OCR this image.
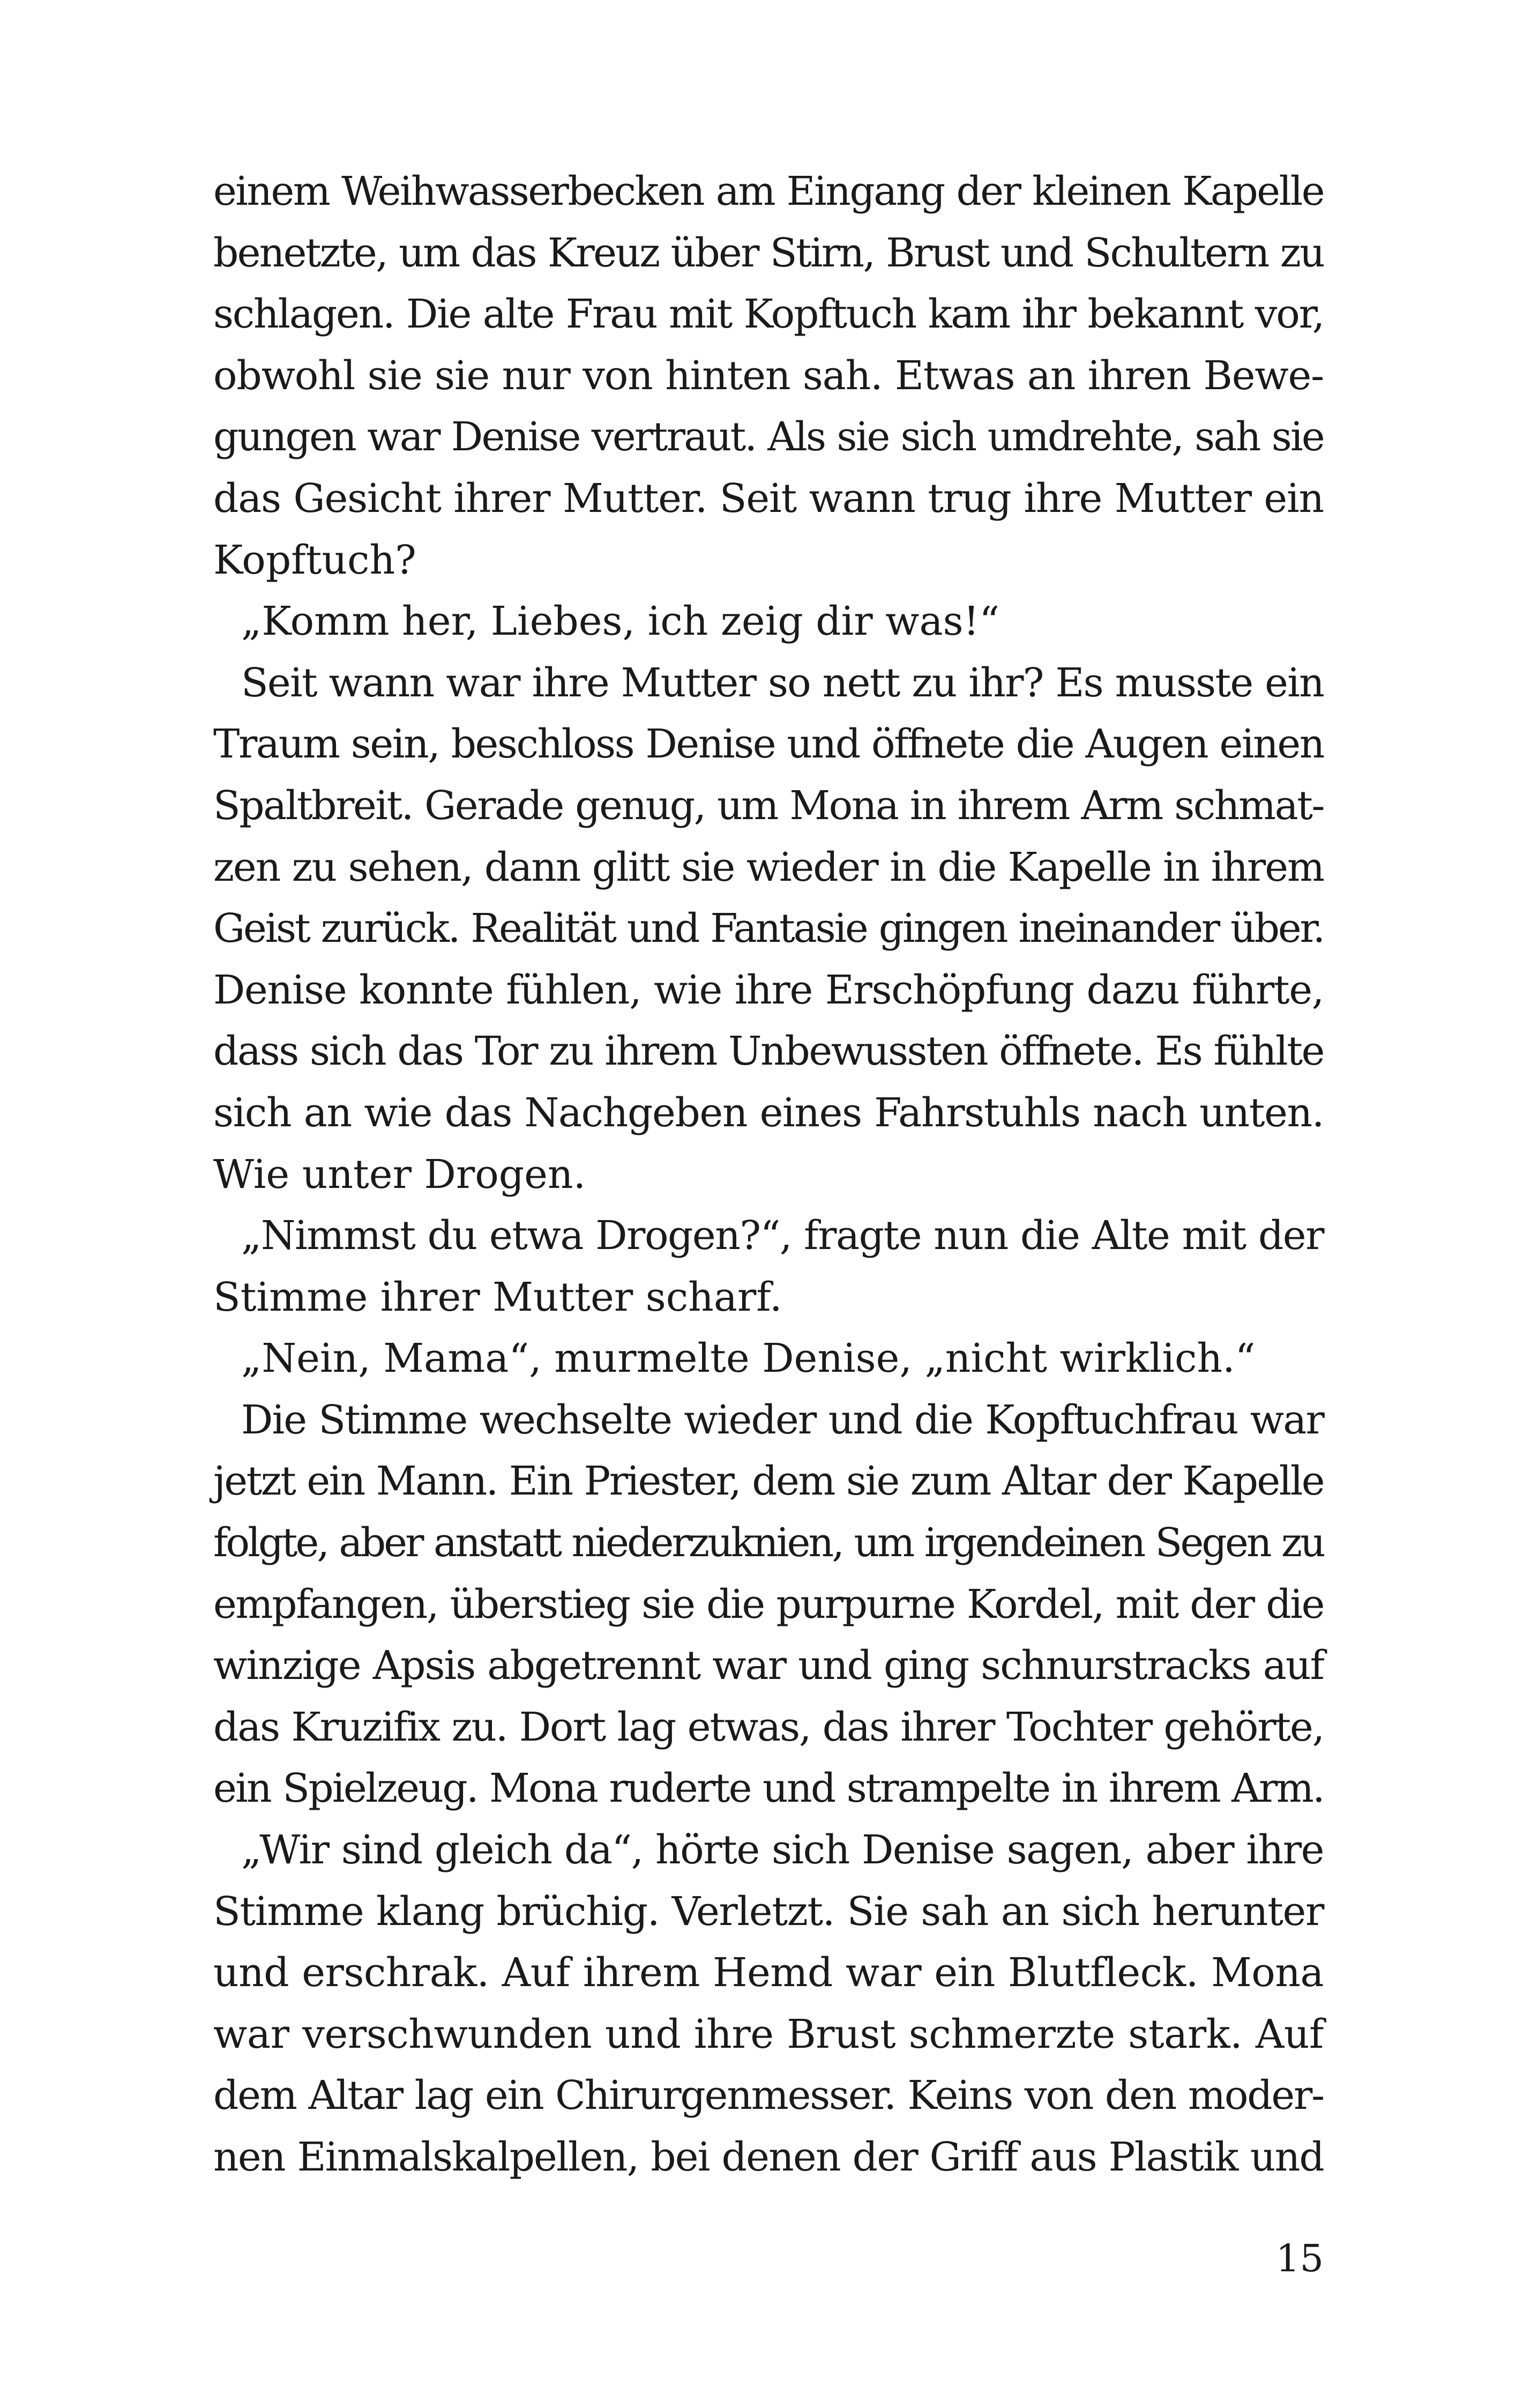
einem Weihwasserbecken am Eingang der kleinen Kapelle
benetzte, um das Kreuz über Stirn, Brust und Schultern zu
schlagen. Die alte Frau mit Kopftuch kam ihr bekannt vor,
obwohl sie sie nur von hinten sah. Etwas an ihren Bewe-
gungen war Denise vertraut. Als sie sich umdrehte, sah sie
das Gesicht ihrer Mutter. Seit wann trug ihre Mutter ein
Kopftuch?
„Komm her, Liebes, ich zeig dir was!“
Seit wann war ihre Mutter so nett zu ihr? Es musste ein
Traum sein, beschloss Denise und öffnete die Augen einen
Spaltbreit. Gerade genug, um Mona in ihrem Arm schmat-
zen zu sehen, dann glitt sie wieder in die Kapelle in ihrem
Geist zurück. Realität und Fantasie gingen ineinander über.
Denise konnte fühlen, wie ihre Erschöpfung dazu führte,
dass sich das Tor zu ihrem Unbewussten öffnete. Es fühlte
sich an wie das Nachgeben eines Fahrstuhls nach unten.
Wie unter Drogen.
„Nimmst du etwa Drogen?“, fragte nun die Alte mit der
Stimme ihrer Mutter scharf.
„Nein, Mama“, murmelte Denise, „nicht wirklich.“
Die Stimme wechselte wieder und die Kopftuchfrau war
jetzt ein Mann. Ein Priester, dem sie zum Altar der Kapelle
folgte, aber anstatt niederzuknien, um irgendeinen Segen zu
empfangen, überstieg sie die purpurne Kordel, mit der die
winzige Apsis abgetrennt war und ging schnurstracks auf
das Kruzifix zu. Dort lag etwas, das ihrer Tochter gehörte,
ein Spielzeug. Mona ruderte und strampelte in ihrem Arm.
„Wir sind gleich da“, hörte sich Denise sagen, aber ihre
Stimme klang brüchig. Verletzt. Sie sah an sich herunter
und erschrak. Auf ihrem Hemd war ein Blutfleck. Mona
war verschwunden und ihre Brust schmerzte stark. Auf
dem Altar lag ein Chirurgenmesser. Keins von den moder-
nen Einmalskalpellen, bei denen der Griff aus Plastik und
15
